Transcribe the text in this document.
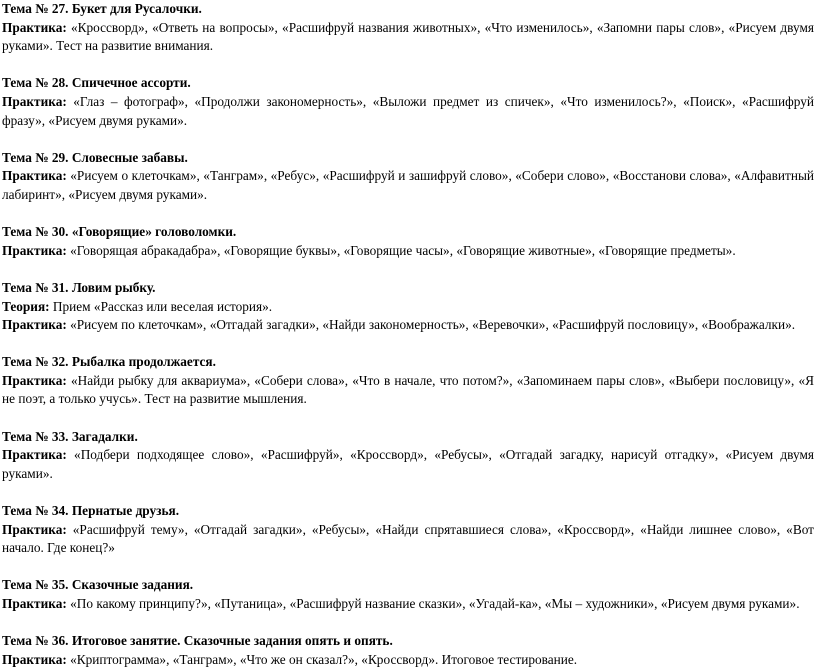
Тема № 27. Букет для Русалочки.

Практика: «Кроссворд», «Ответь на вопросы», «Расшифруй названия животных», «Что изменилось», «Запомни пары слов», «Рисуем двумя руками». Тест на развитие внимания.

Тема № 28. Спичечное ассорти.

Практика: «Глаз – фотограф», «Продолжи закономерность», «Выложи предмет из спичек», «Что изменилось?», «Поиск», «Расшифруй фразу», «Рисуем двумя руками».

Тема № 29. Словесные забавы.

Практика: «Рисуем о клеточкам», «Танграм», «Ребус», «Расшифруй и зашифруй слово», «Собери слово», «Восстанови слова», «Алфавитный лабиринт», «Рисуем двумя руками».

Тема № 30. «Говорящие» головоломки.

Практика: «Говорящая абракадабра», «Говорящие буквы», «Говорящие часы», «Говорящие животные», «Говорящие предметы».

Тема № 31. Ловим рыбку.

Теория: Прием «Рассказ или веселая история».

Практика: «Рисуем по клеточкам», «Отгадай загадки», «Найди закономерность», «Веревочки», «Расшифруй пословицу», «Воображалки».

Тема № 32. Рыбалка продолжается.

Практика: «Найди рыбку для аквариума», «Собери слова», «Что в начале, что потом?», «Запоминаем пары слов», «Выбери пословицу», «Я не поэт, а только учусь». Тест на развитие мышления.

Тема № 33. Загадалки.

Практика: «Подбери подходящее слово», «Расшифруй», «Кроссворд», «Ребусы», «Отгадай загадку, нарисуй отгадку», «Рисуем двумя руками».

Тема № 34. Пернатые друзья.

Практика: «Расшифруй тему», «Отгадай загадки», «Ребусы», «Найди спрятавшиеся слова», «Кроссворд», «Найди лишнее слово», «Вот начало. Где конец?»

Тема № 35. Сказочные задания.

Практика: «По какому принципу?», «Путаница», «Расшифруй название сказки», «Угадай-ка», «Мы – художники», «Рисуем двумя руками».

Тема № 36. Итоговое занятие. Сказочные задания опять и опять.

Практика: «Криптограмма», «Танграм», «Что же он сказал?», «Кроссворд». Итоговое тестирование.
